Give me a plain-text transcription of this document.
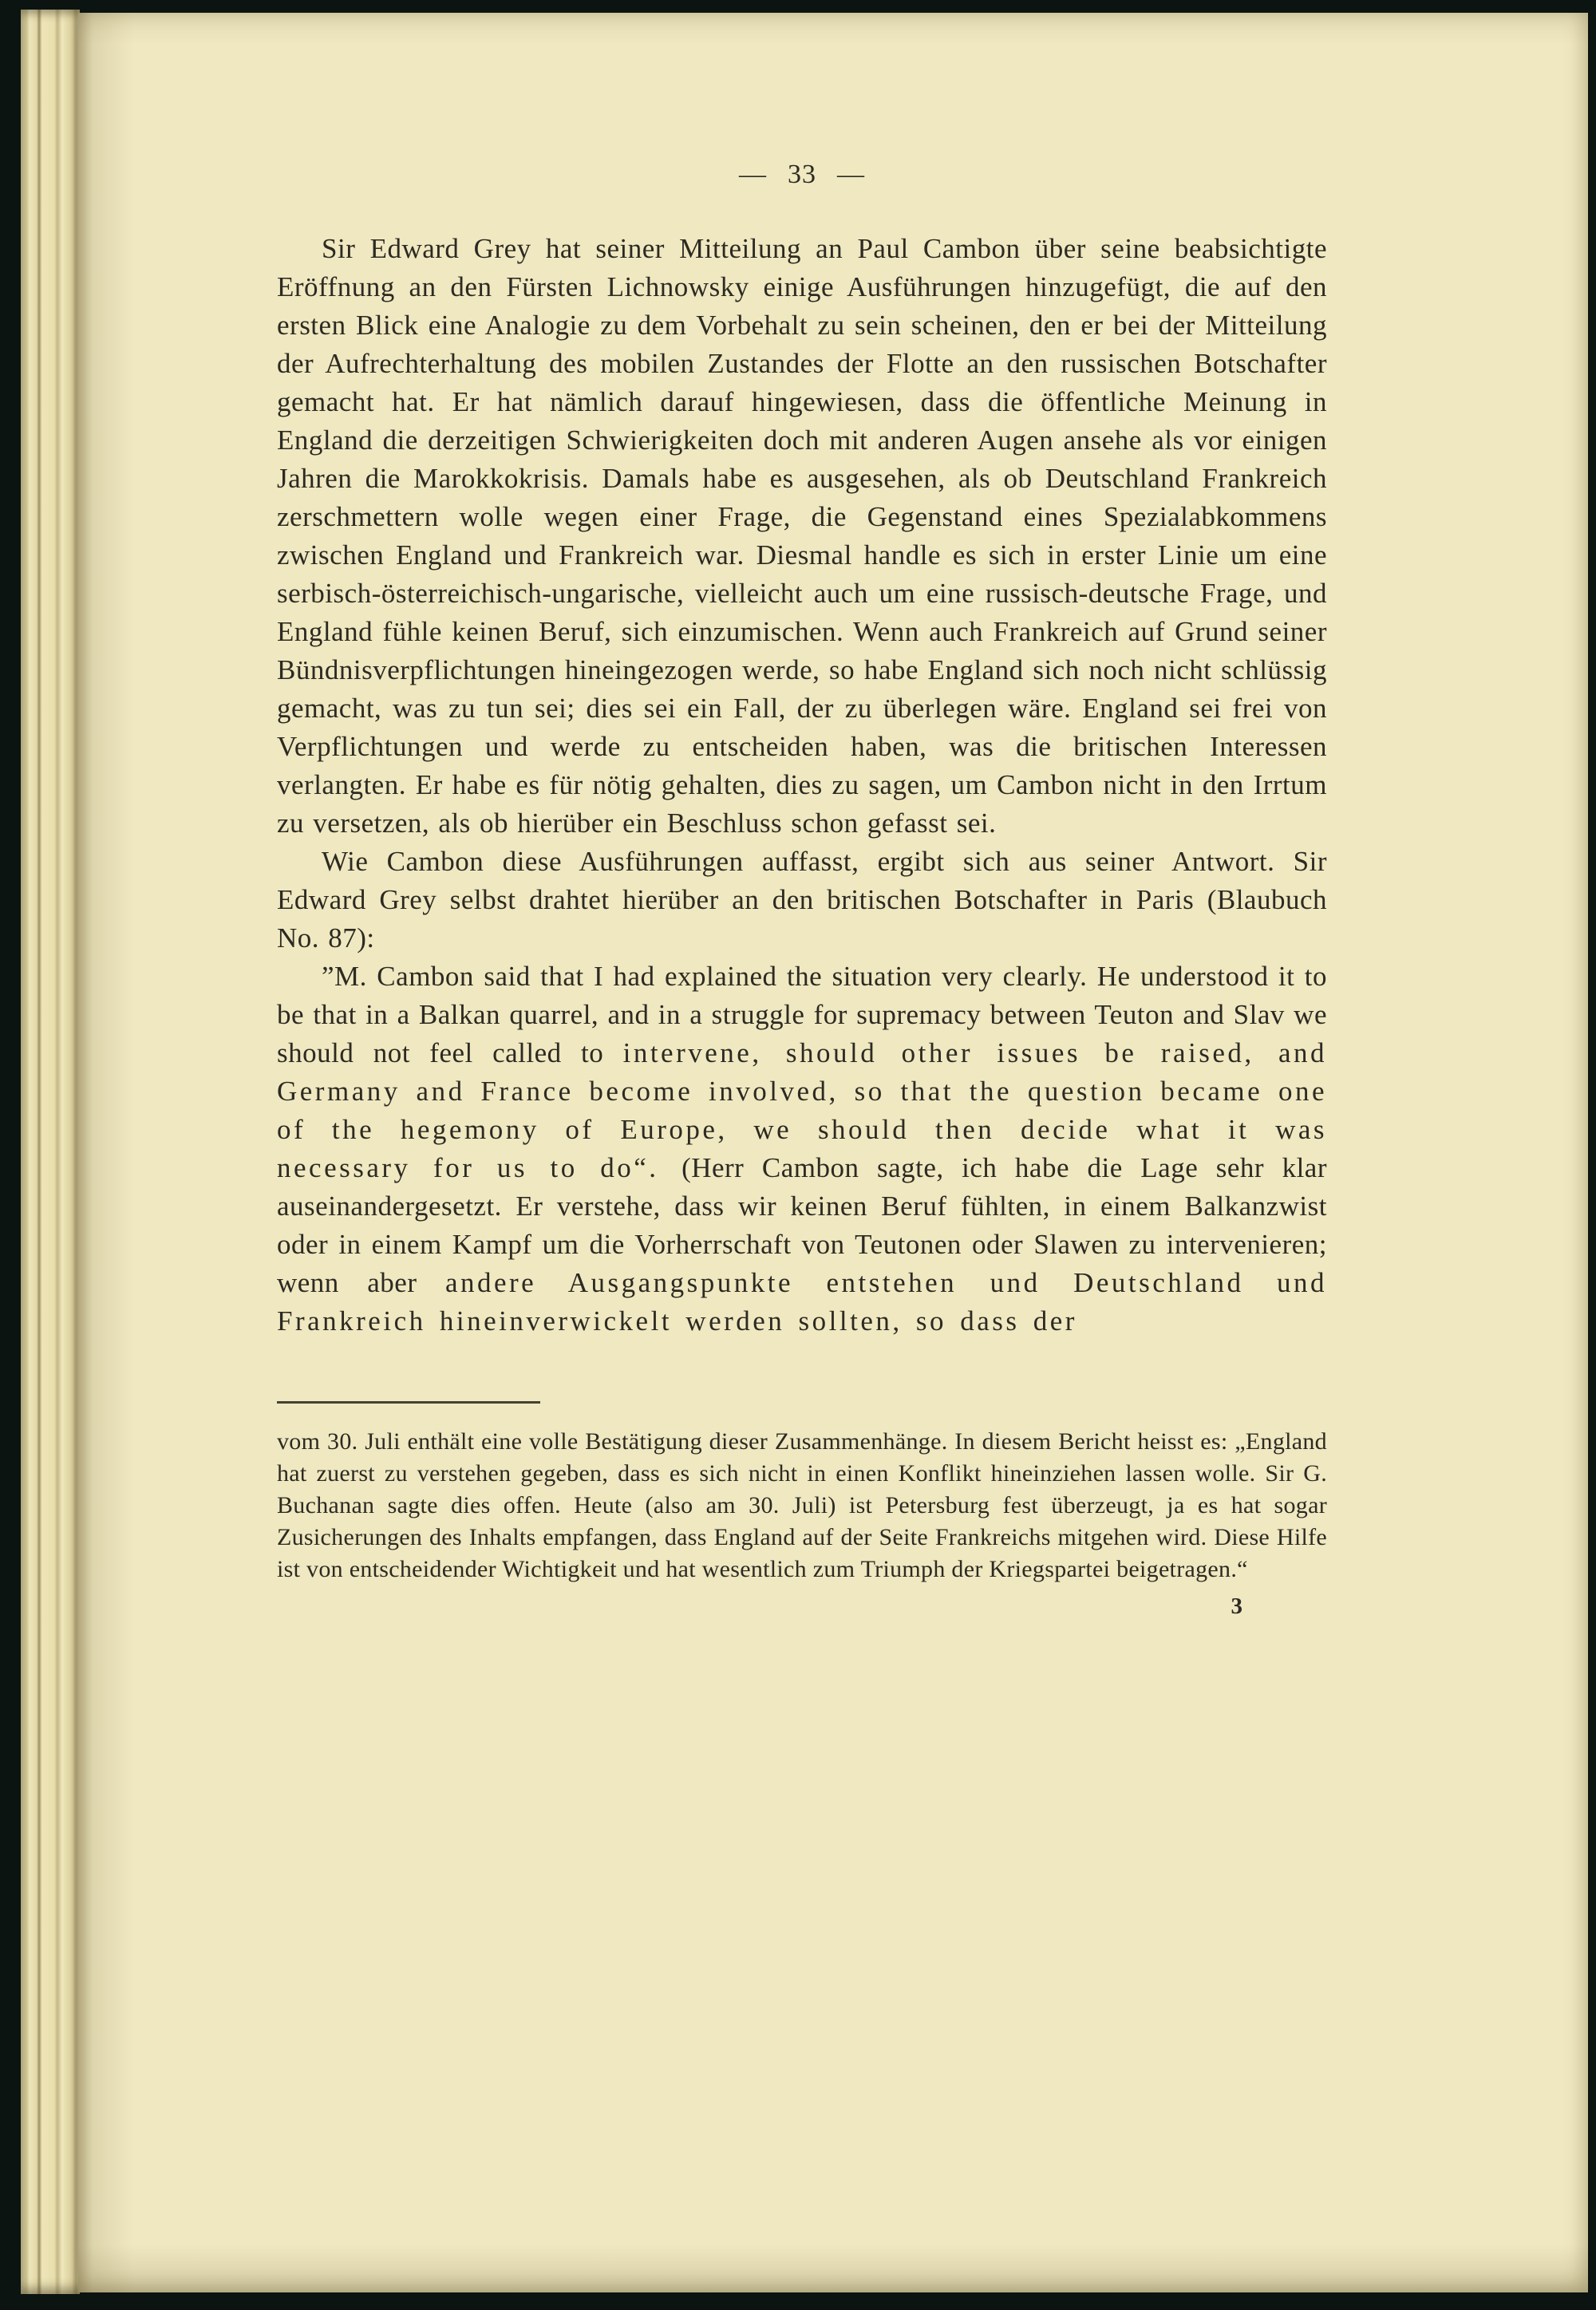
— 33 —

Sir Edward Grey hat seiner Mitteilung an Paul Cambon über seine beabsichtigte Eröffnung an den Fürsten Lichnowsky einige Ausführungen hinzugefügt, die auf den ersten Blick eine Analogie zu dem Vorbehalt zu sein scheinen, den er bei der Mitteilung der Aufrechterhaltung des mobilen Zustandes der Flotte an den russischen Botschafter gemacht hat. Er hat nämlich darauf hingewiesen, dass die öffentliche Meinung in England die derzeitigen Schwierigkeiten doch mit anderen Augen ansehe als vor einigen Jahren die Marokkokrisis. Damals habe es ausgesehen, als ob Deutschland Frankreich zerschmettern wolle wegen einer Frage, die Gegenstand eines Spezialabkommens zwischen England und Frankreich war. Diesmal handle es sich in erster Linie um eine serbisch-österreichisch-ungarische, vielleicht auch um eine russisch-deutsche Frage, und England fühle keinen Beruf, sich einzumischen. Wenn auch Frankreich auf Grund seiner Bündnisverpflichtungen hineingezogen werde, so habe England sich noch nicht schlüssig gemacht, was zu tun sei; dies sei ein Fall, der zu überlegen wäre. England sei frei von Verpflichtungen und werde zu entscheiden haben, was die britischen Interessen verlangten. Er habe es für nötig gehalten, dies zu sagen, um Cambon nicht in den Irrtum zu versetzen, als ob hierüber ein Beschluss schon gefasst sei.

Wie Cambon diese Ausführungen auffasst, ergibt sich aus seiner Antwort. Sir Edward Grey selbst drahtet hierüber an den britischen Botschafter in Paris (Blaubuch No. 87):

”M. Cambon said that I had explained the situation very clearly. He understood it to be that in a Balkan quarrel, and in a struggle for supremacy between Teuton and Slav we should not feel called to intervene, should other issues be raised, and Germany and France become involved, so that the question became one of the hegemony of Europe, we should then decide what it was necessary for us to do“. (Herr Cambon sagte, ich habe die Lage sehr klar auseinandergesetzt. Er verstehe, dass wir keinen Beruf fühlten, in einem Balkanzwist oder in einem Kampf um die Vorherrschaft von Teutonen oder Slawen zu intervenieren; wenn aber andere Ausgangspunkte entstehen und Deutschland und Frankreich hineinverwickelt werden sollten, so dass der

vom 30. Juli enthält eine volle Bestätigung dieser Zusammenhänge. In diesem Bericht heisst es: „England hat zuerst zu verstehen gegeben, dass es sich nicht in einen Konflikt hineinziehen lassen wolle. Sir G. Buchanan sagte dies offen. Heute (also am 30. Juli) ist Petersburg fest überzeugt, ja es hat sogar Zusicherungen des Inhalts empfangen, dass England auf der Seite Frankreichs mitgehen wird. Diese Hilfe ist von entscheidender Wichtigkeit und hat wesentlich zum Triumph der Kriegspartei beigetragen.“

3
